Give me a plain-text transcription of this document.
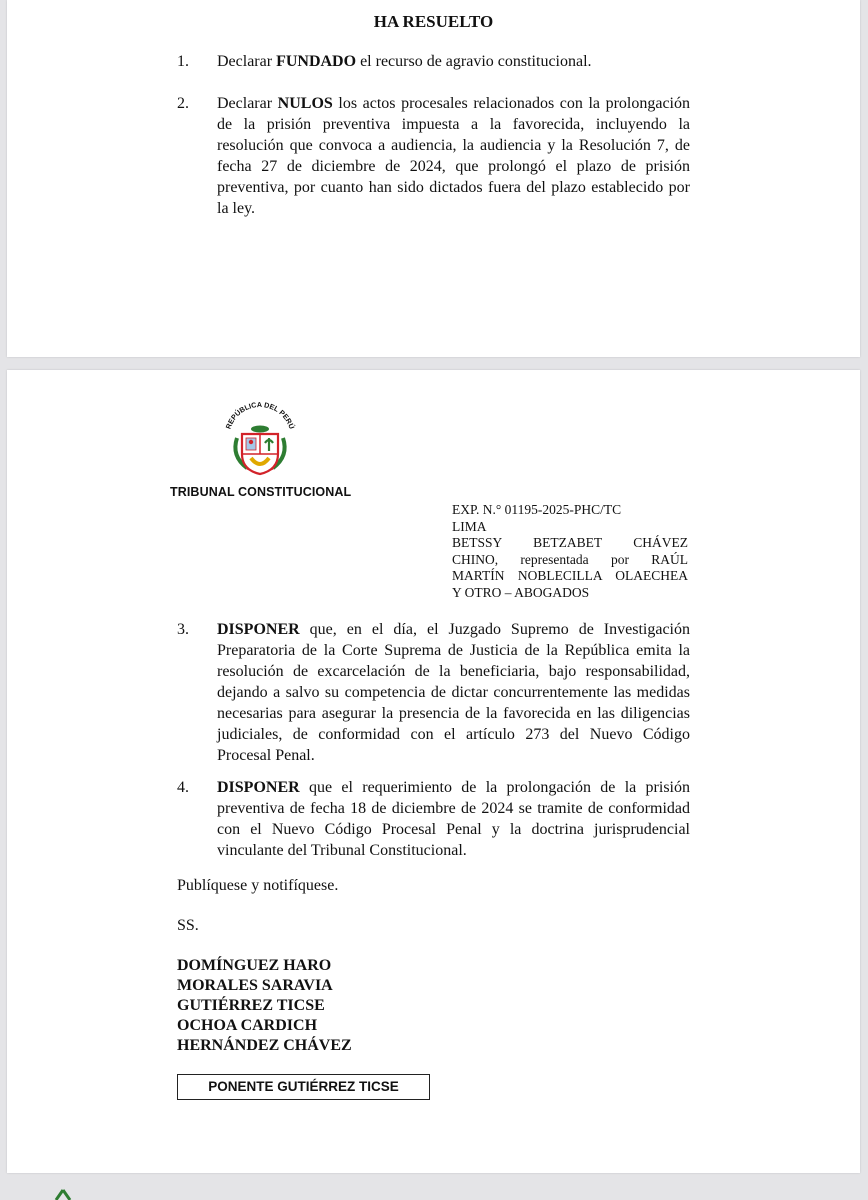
HA RESUELTO
1. Declarar FUNDADO el recurso de agravio constitucional.
2. Declarar NULOS los actos procesales relacionados con la prolongación de la prisión preventiva impuesta a la favorecida, incluyendo la resolución que convoca a audiencia, la audiencia y la Resolución 7, de fecha 27 de diciembre de 2024, que prolongó el plazo de prisión preventiva, por cuanto han sido dictados fuera del plazo establecido por la ley.
REPÚBLICA DEL PERÚ
TRIBUNAL CONSTITUCIONAL
EXP. N.° 01195-2025-PHC/TC
LIMA
BETSSY BETZABET CHÁVEZ
CHINO, representada por RAÚL
MARTÍN NOBLECILLA OLAECHEA
Y OTRO – ABOGADOS
3. DISPONER que, en el día, el Juzgado Supremo de Investigación Preparatoria de la Corte Suprema de Justicia de la República emita la resolución de excarcelación de la beneficiaria, bajo responsabilidad, dejando a salvo su competencia de dictar concurrentemente las medidas necesarias para asegurar la presencia de la favorecida en las diligencias judiciales, de conformidad con el artículo 273 del Nuevo Código Procesal Penal.
4. DISPONER que el requerimiento de la prolongación de la prisión preventiva de fecha 18 de diciembre de 2024 se tramite de conformidad con el Nuevo Código Procesal Penal y la doctrina jurisprudencial vinculante del Tribunal Constitucional.
Publíquese y notifíquese.
SS.
DOMÍNGUEZ HARO
MORALES SARAVIA
GUTIÉRREZ TICSE
OCHOA CARDICH
HERNÁNDEZ CHÁVEZ
PONENTE GUTIÉRREZ TICSE
